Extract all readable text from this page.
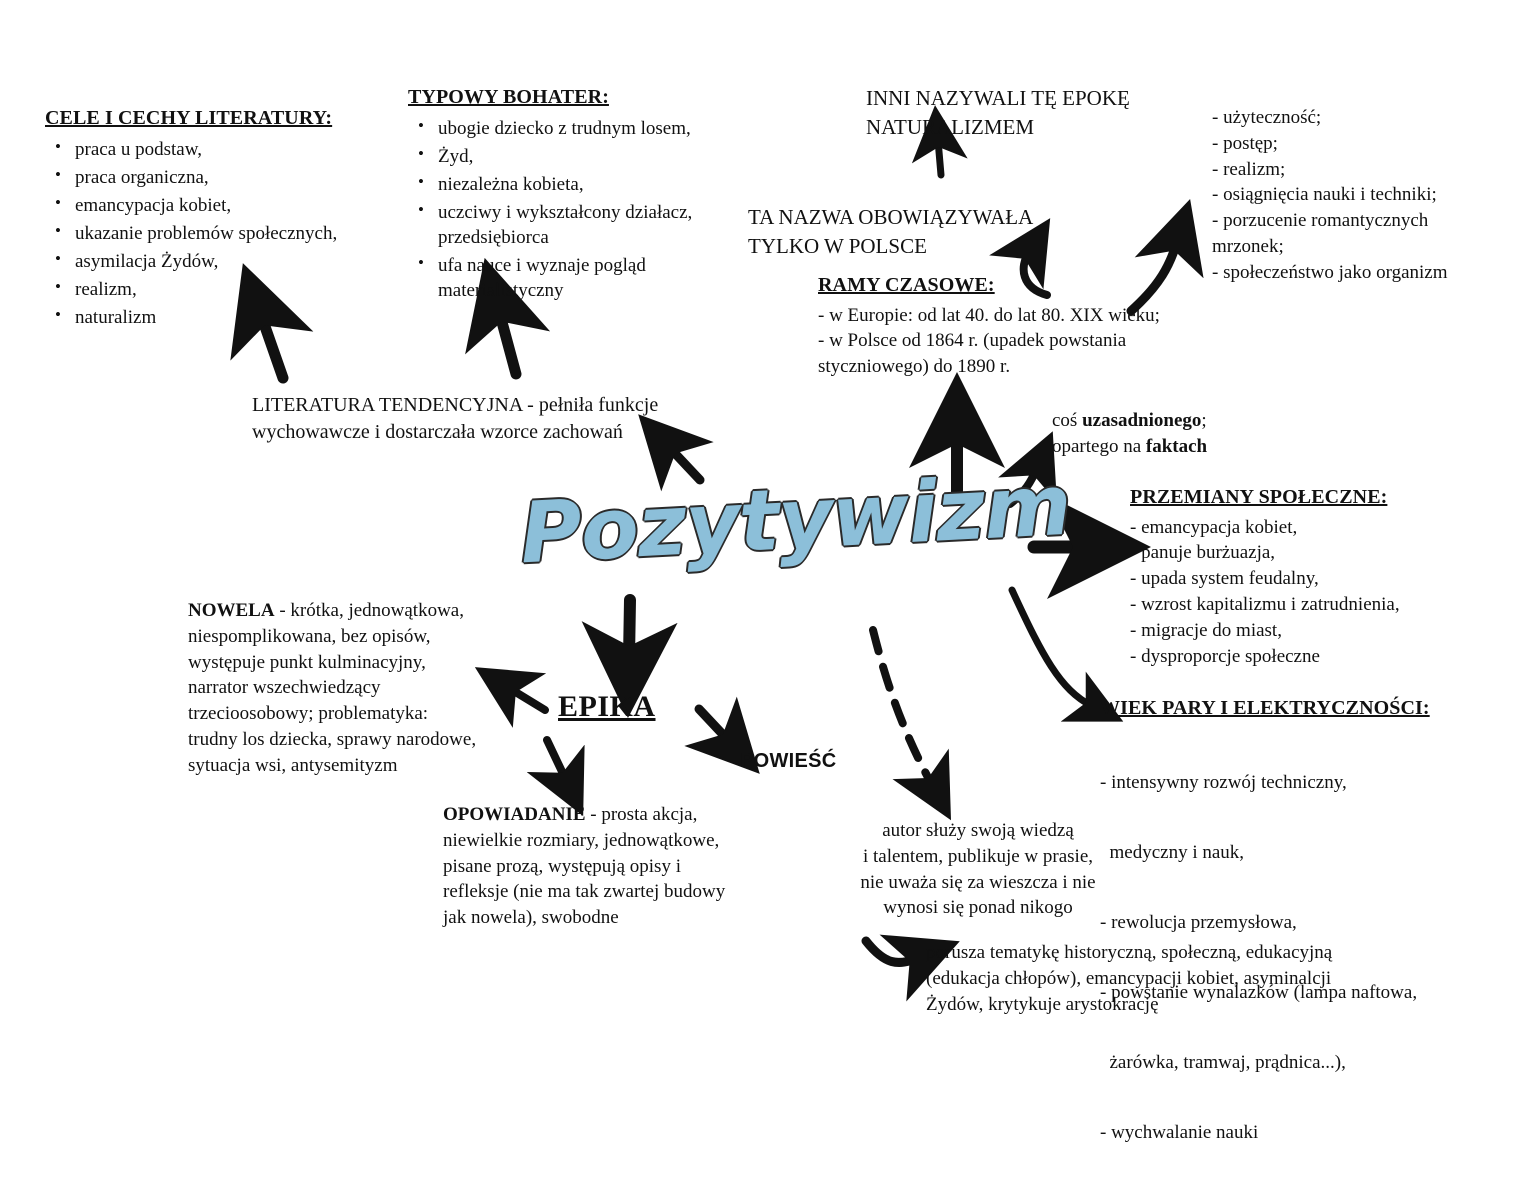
CELE I CECHY LITERATURY:
• praca u podstaw,
• praca organiczna,
• emancypacja kobiet,
• ukazanie problemów społecznych,
• asymilacja Żydów,
• realizm,
• naturalizm
TYPOWY BOHATER:
• ubogie dziecko z trudnym losem,
• Żyd,
• niezależna kobieta,
• uczciwy i wykształcony działacz, przedsiębiorca
• ufa nauce i wyznaje pogląd materialistyczny
LITERATURA TENDENCYJNA - pełniła funkcje
wychowawcze i dostarczała wzorce zachowań
INNI NAZYWALI TĘ EPOKĘ
NATURALIZMEM
TA NAZWA OBOWIĄZYWAŁA
TYLKO W POLSCE
RAMY CZASOWE:
- w Europie: od lat 40. do lat 80. XIX wieku;
- w Polsce od 1864 r. (upadek powstania
styczniowego) do 1890 r.
- użyteczność;
- postęp;
- realizm;
- osiągnięcia nauki i techniki;
- porzucenie romantycznych
mrzonek;
- społeczeństwo jako organizm
coś uzasadnionego;
opartego na faktach
PRZEMIANY SPOŁECZNE:
- emancypacja kobiet,
- panuje burżuazja,
- upada system feudalny,
- wzrost kapitalizmu i zatrudnienia,
- migracje do miast,
- dysproporcje społeczne
WIEK PARY I ELEKTRYCZNOŚCI:

- intensywny rozwój techniczny,

medyczny i nauk,

- rewolucja przemysłowa,

- powstanie wynalazków (lampa naftowa,

żarówka, tramwaj, prądnica...),

- wychwalanie nauki

NOWELA - krótka, jednowątkowa,
niespomplikowana, bez opisów,
występuje punkt kulminacyjny,
narrator wszechwiedzący
trzecioosobowy; problematyka:
trudny los dziecka, sprawy narodowe,
sytuacja wsi, antysemityzm
OPOWIADANIE - prosta akcja,
niewielkie rozmiary, jednowątkowe,
pisane prozą, występują opisy i
refleksje (nie ma tak zwartej budowy
jak nowela), swobodne
autor służy swoją wiedzą
i talentem, publikuje w prasie,
nie uważa się za wieszcza i nie
wynosi się ponad nikogo
porusza tematykę historyczną, społeczną, edukacyjną
(edukacja chłopów), emancypacji kobiet, asyminalcji
Żydów, krytykuje arystokrację
Pozytywizm
EPIKA
POWIEŚĆ
